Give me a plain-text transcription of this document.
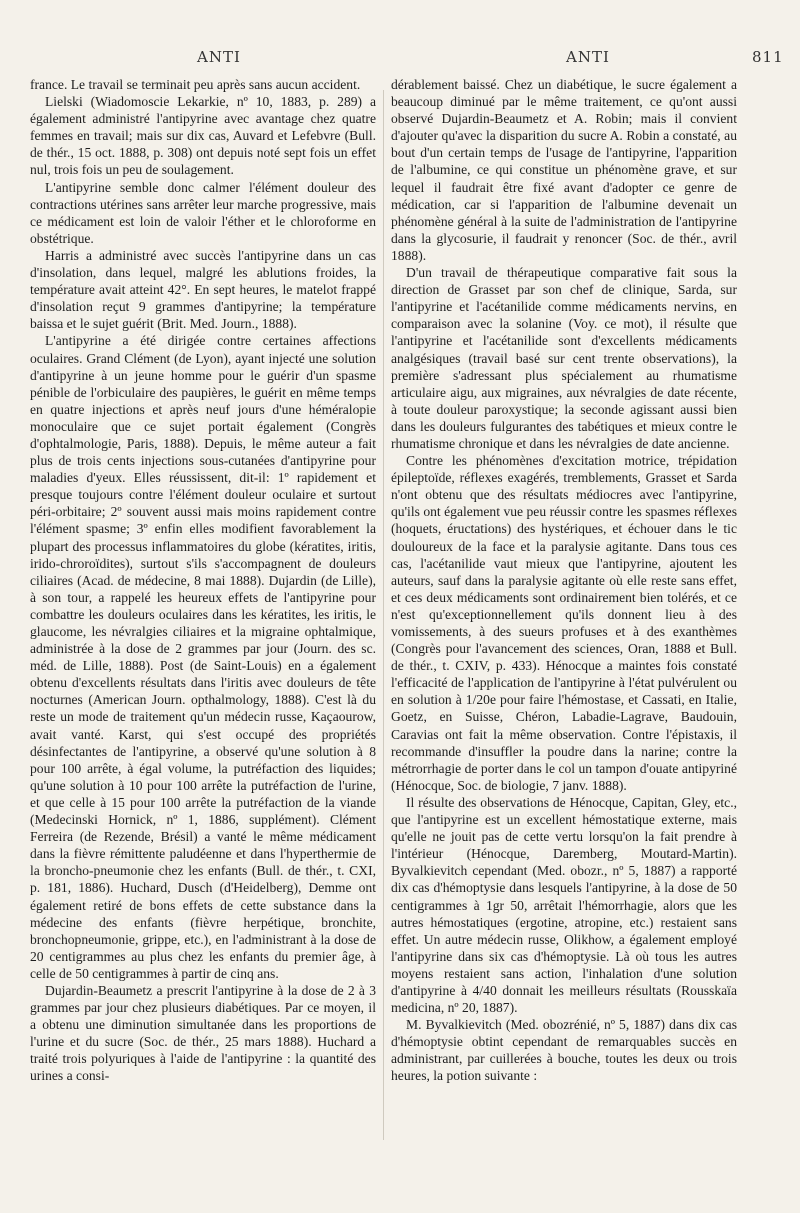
ANTI	ANTI	811

france. Le travail se terminait peu après sans aucun accident.

Lielski (Wiadomoscie Lekarkie, nº 10, 1883, p. 289) a également administré l'antipyrine avec avantage chez quatre femmes en travail; mais sur dix cas, Auvard et Lefebvre (Bull. de thér., 15 oct. 1888, p. 308) ont depuis noté sept fois un effet nul, trois fois un peu de soulagement.

L'antipyrine semble donc calmer l'élément douleur des contractions utérines sans arrêter leur marche progressive, mais ce médicament est loin de valoir l'éther et le chloroforme en obstétrique.

Harris a administré avec succès l'antipyrine dans un cas d'insolation, dans lequel, malgré les ablutions froides, la température avait atteint 42°. En sept heures, le matelot frappé d'insolation reçut 9 grammes d'antipyrine; la température baissa et le sujet guérit (Brit. Med. Journ., 1888).

L'antipyrine a été dirigée contre certaines affections oculaires. Grand Clément (de Lyon), ayant injecté une solution d'antipyrine à un jeune homme pour le guérir d'un spasme pénible de l'orbiculaire des paupières, le guérit en même temps en quatre injections et après neuf jours d'une héméralopie monoculaire que ce sujet portait également (Congrès d'ophtalmologie, Paris, 1888). Depuis, le même auteur a fait plus de trois cents injections sous-cutanées d'antipyrine pour maladies d'yeux. Elles réussissent, dit-il: 1º rapidement et presque toujours contre l'élément douleur oculaire et surtout péri-orbitaire; 2º souvent aussi mais moins rapidement contre l'élément spasme; 3º enfin elles modifient favorablement la plupart des processus inflammatoires du globe (kératites, iritis, irido-chroroïdites), surtout s'ils s'accompagnent de douleurs ciliaires (Acad. de médecine, 8 mai 1888). Dujardin (de Lille), à son tour, a rappelé les heureux effets de l'antipyrine pour combattre les douleurs oculaires dans les kératites, les iritis, le glaucome, les névralgies ciliaires et la migraine ophtalmique, administrée à la dose de 2 grammes par jour (Journ. des sc. méd. de Lille, 1888). Post (de Saint-Louis) en a également obtenu d'excellents résultats dans l'iritis avec douleurs de tête nocturnes (American Journ. opthalmology, 1888). C'est là du reste un mode de traitement qu'un médecin russe, Kaçaourow, avait vanté. Karst, qui s'est occupé des propriétés désinfectantes de l'antipyrine, a observé qu'une solution à 8 pour 100 arrête, à égal volume, la putréfaction des liquides; qu'une solution à 10 pour 100 arrête la putréfaction de l'urine, et que celle à 15 pour 100 arrête la putréfaction de la viande (Medecinski Hornick, nº 1, 1886, supplément). Clément Ferreira (de Rezende, Brésil) a vanté le même médicament dans la fièvre rémittente paludéenne et dans l'hyperthermie de la broncho-pneumonie chez les enfants (Bull. de thér., t. CXI, p. 181, 1886). Huchard, Dusch (d'Heidelberg), Demme ont également retiré de bons effets de cette substance dans la médecine des enfants (fièvre herpétique, bronchite, bronchopneumonie, grippe, etc.), en l'administrant à la dose de 20 centigrammes au plus chez les enfants du premier âge, à celle de 50 centigrammes à partir de cinq ans.

Dujardin-Beaumetz a prescrit l'antipyrine à la dose de 2 à 3 grammes par jour chez plusieurs diabétiques. Par ce moyen, il a obtenu une diminution simultanée dans les proportions de l'urine et du sucre (Soc. de thér., 25 mars 1888). Huchard a traité trois polyuriques à l'aide de l'antipyrine : la quantité des urines a consi-

dérablement baissé. Chez un diabétique, le sucre également a beaucoup diminué par le même traitement, ce qu'ont aussi observé Dujardin-Beaumetz et A. Robin; mais il convient d'ajouter qu'avec la disparition du sucre A. Robin a constaté, au bout d'un certain temps de l'usage de l'antipyrine, l'apparition de l'albumine, ce qui constitue un phénomène grave, et sur lequel il faudrait être fixé avant d'adopter ce genre de médication, car si l'apparition de l'albumine devenait un phénomène général à la suite de l'administration de l'antipyrine dans la glycosurie, il faudrait y renoncer (Soc. de thér., avril 1888).

D'un travail de thérapeutique comparative fait sous la direction de Grasset par son chef de clinique, Sarda, sur l'antipyrine et l'acétanilide comme médicaments nervins, en comparaison avec la solanine (Voy. ce mot), il résulte que l'antipyrine et l'acétanilide sont d'excellents médicaments analgésiques (travail basé sur cent trente observations), la première s'adressant plus spécialement au rhumatisme articulaire aigu, aux migraines, aux névralgies de date récente, à toute douleur paroxystique; la seconde agissant aussi bien dans les douleurs fulgurantes des tabétiques et mieux contre le rhumatisme chronique et dans les névralgies de date ancienne.

Contre les phénomènes d'excitation motrice, trépidation épileptoïde, réflexes exagérés, tremblements, Grasset et Sarda n'ont obtenu que des résultats médiocres avec l'antipyrine, qu'ils ont également vue peu réussir contre les spasmes réflexes (hoquets, éructations) des hystériques, et échouer dans le tic douloureux de la face et la paralysie agitante. Dans tous ces cas, l'acétanilide vaut mieux que l'antipyrine, ajoutent les auteurs, sauf dans la paralysie agitante où elle reste sans effet, et ces deux médicaments sont ordinairement bien tolérés, et ce n'est qu'exceptionnellement qu'ils donnent lieu à des vomissements, à des sueurs profuses et à des exanthèmes (Congrès pour l'avancement des sciences, Oran, 1888 et Bull. de thér., t. CXIV, p. 433). Hénocque a maintes fois constaté l'efficacité de l'application de l'antipyrine à l'état pulvérulent ou en solution à 1/20e pour faire l'hémostase, et Cassati, en Italie, Goetz, en Suisse, Chéron, Labadie-Lagrave, Baudouin, Caravias ont fait la même observation. Contre l'épistaxis, il recommande d'insuffler la poudre dans la narine; contre la métrorrhagie de porter dans le col un tampon d'ouate antipyriné (Hénocque, Soc. de biologie, 7 janv. 1888).

Il résulte des observations de Hénocque, Capitan, Gley, etc., que l'antipyrine est un excellent hémostatique externe, mais qu'elle ne jouit pas de cette vertu lorsqu'on la fait prendre à l'intérieur (Hénocque, Daremberg, Moutard-Martin). Byvalkievitch cependant (Med. obozr., nº 5, 1887) a rapporté dix cas d'hémoptysie dans lesquels l'antipyrine, à la dose de 50 centigrammes à 1gr 50, arrêtait l'hémorrhagie, alors que les autres hémostatiques (ergotine, atropine, etc.) restaient sans effet. Un autre médecin russe, Olikhow, a également employé l'antipyrine dans six cas d'hémoptysie. Là où tous les autres moyens restaient sans action, l'inhalation d'une solution d'antipyrine à 4/40 donnait les meilleurs résultats (Rousskaïa medicina, nº 20, 1887).

M. Byvalkievitch (Med. obozrénié, nº 5, 1887) dans dix cas d'hémoptysie obtint cependant de remarquables succès en administrant, par cuillerées à bouche, toutes les deux ou trois heures, la potion suivante :
